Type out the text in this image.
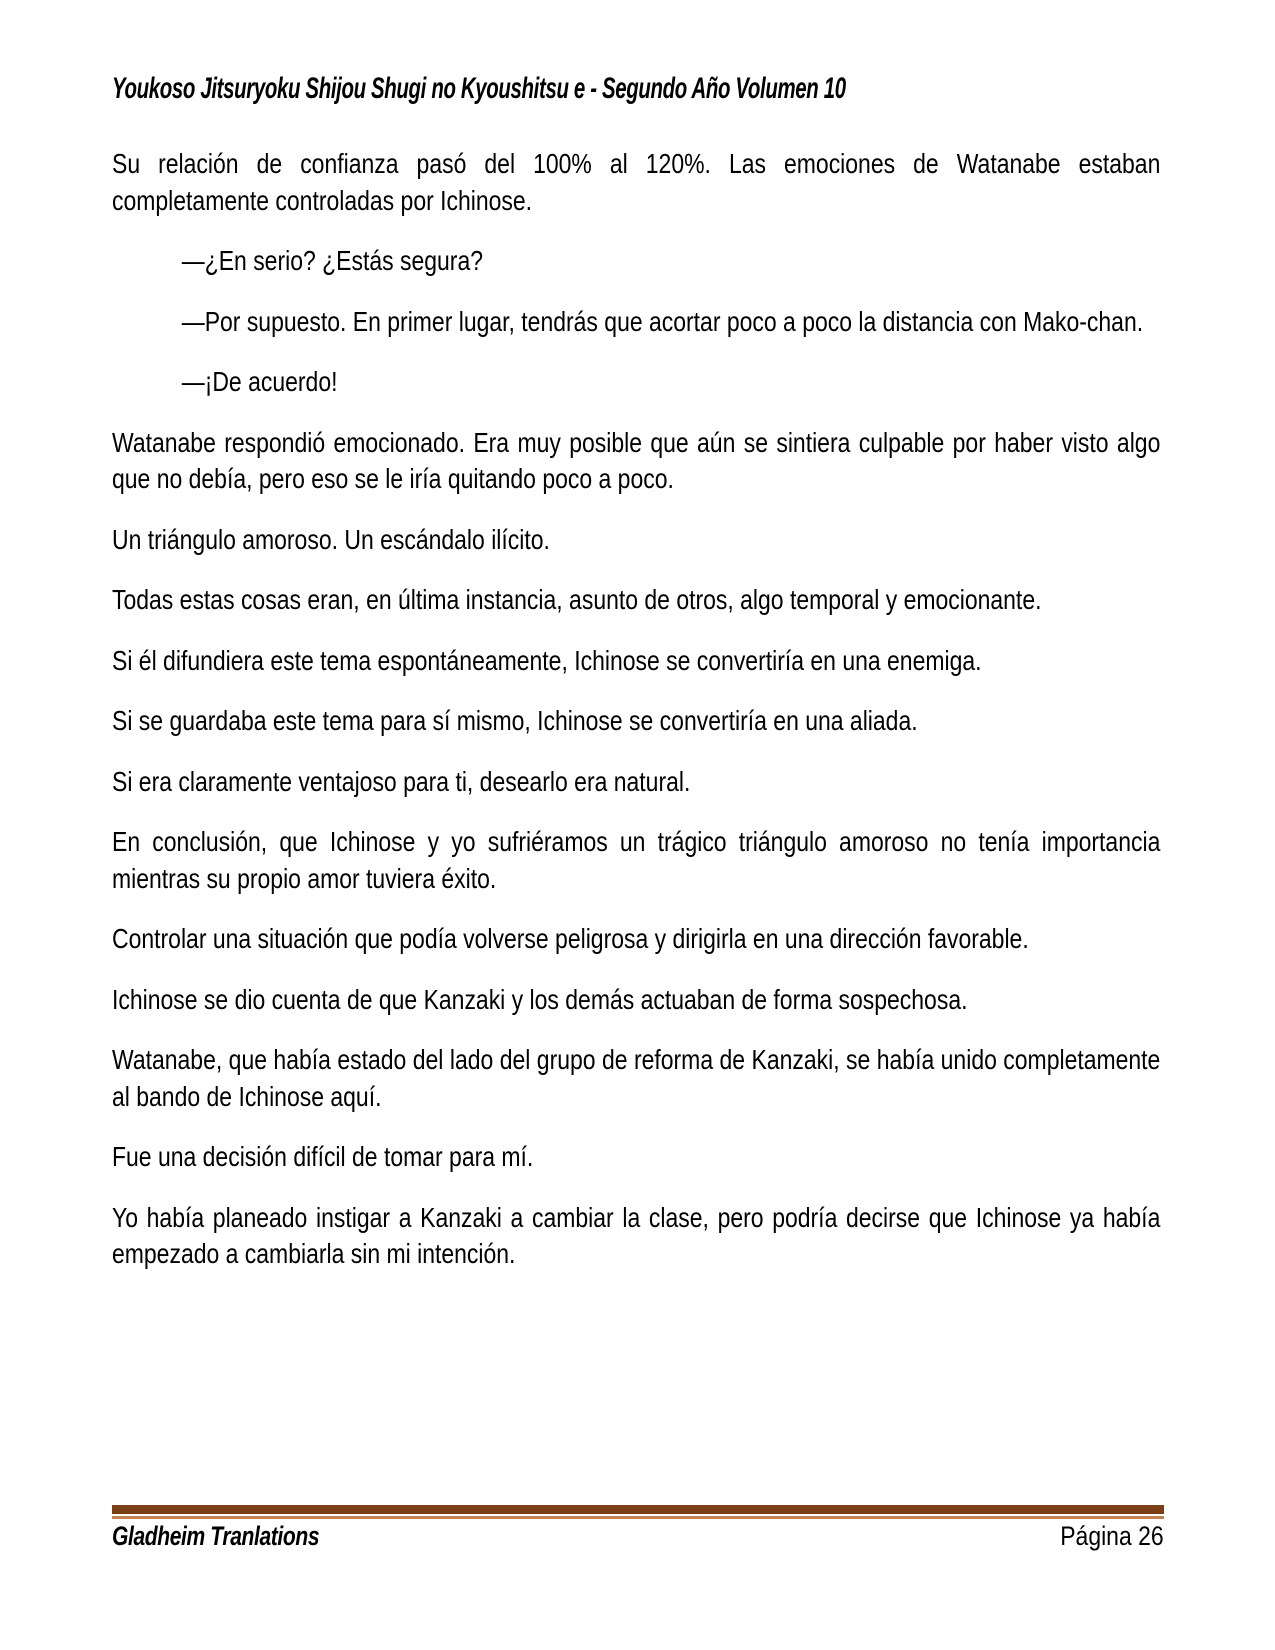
Youkoso Jitsuryoku Shijou Shugi no Kyoushitsu e - Segundo Año Volumen 10

Su relación de confianza pasó del 100% al 120%. Las emociones de Watanabe estaban completamente controladas por Ichinose.

—¿En serio? ¿Estás segura?

—Por supuesto. En primer lugar, tendrás que acortar poco a poco la distancia con Mako-chan.

—¡De acuerdo!

Watanabe respondió emocionado. Era muy posible que aún se sintiera culpable por haber visto algo que no debía, pero eso se le iría quitando poco a poco.

Un triángulo amoroso. Un escándalo ilícito.

Todas estas cosas eran, en última instancia, asunto de otros, algo temporal y emocionante.

Si él difundiera este tema espontáneamente, Ichinose se convertiría en una enemiga.

Si se guardaba este tema para sí mismo, Ichinose se convertiría en una aliada.

Si era claramente ventajoso para ti, desearlo era natural.

En conclusión, que Ichinose y yo sufriéramos un trágico triángulo amoroso no tenía importancia mientras su propio amor tuviera éxito.

Controlar una situación que podía volverse peligrosa y dirigirla en una dirección favorable.

Ichinose se dio cuenta de que Kanzaki y los demás actuaban de forma sospechosa.

Watanabe, que había estado del lado del grupo de reforma de Kanzaki, se había unido completamente al bando de Ichinose aquí.

Fue una decisión difícil de tomar para mí.

Yo había planeado instigar a Kanzaki a cambiar la clase, pero podría decirse que Ichinose ya había empezado a cambiarla sin mi intención.

Gladheim Tranlations	Página 26
